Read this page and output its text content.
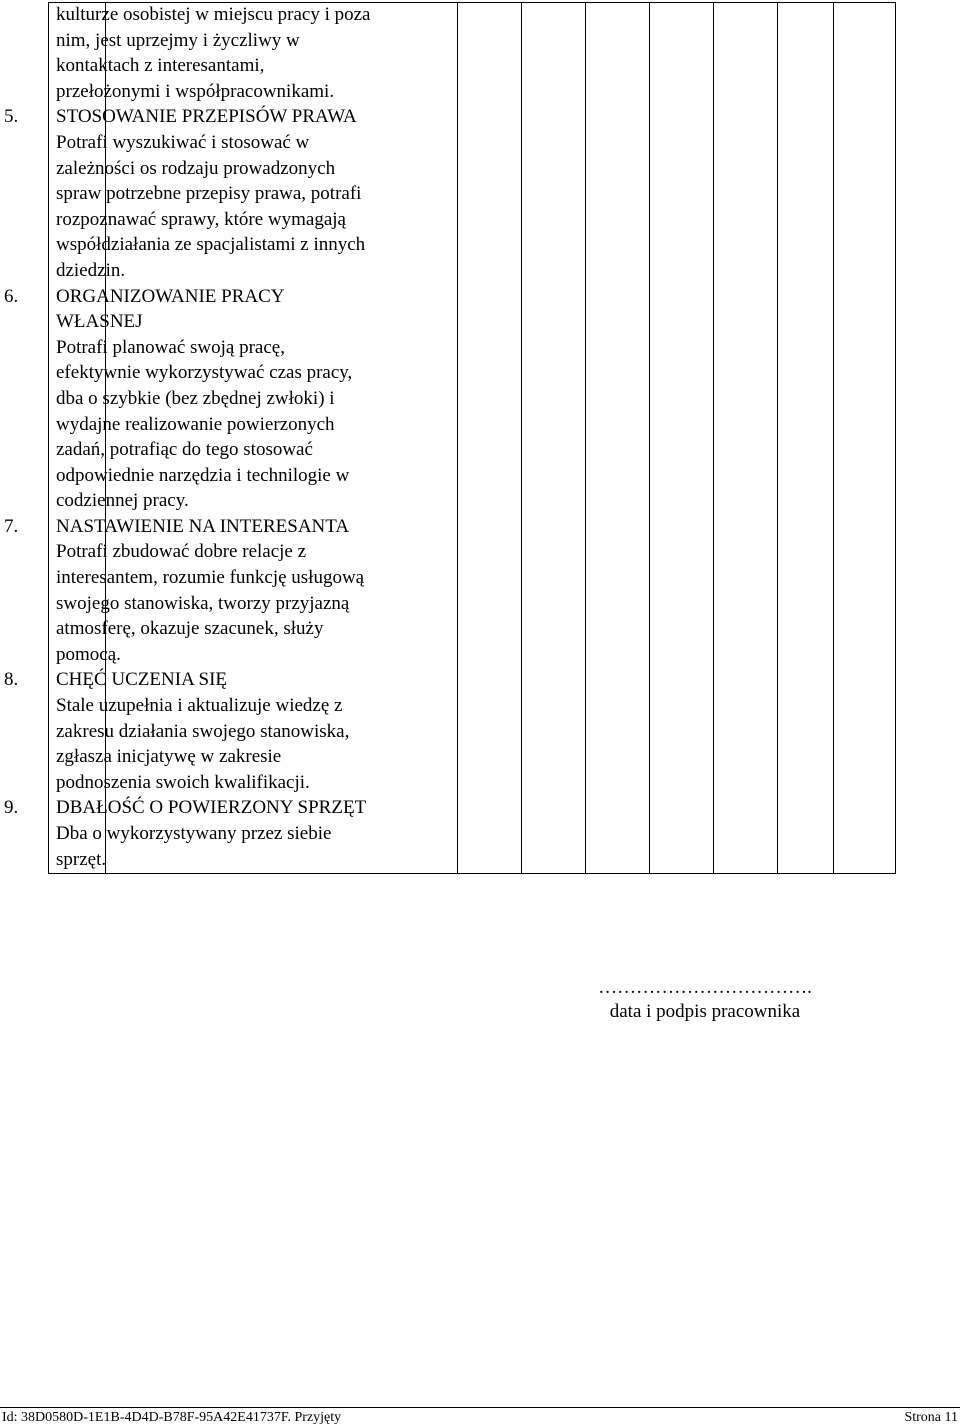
kulturze osobistej w miejscu pracy i poza
nim, jest uprzejmy i życzliwy w
kontaktach z interesantami,
przełożonymi i współpracownikami.
5.	STOSOWANIE PRZEPISÓW PRAWA
Potrafi wyszukiwać i stosować w
zależności os rodzaju prowadzonych
spraw potrzebne przepisy prawa, potrafi
rozpoznawać sprawy, które wymagają
współdziałania ze spacjalistami z innych
dziedzin.
6.	ORGANIZOWANIE PRACY
WŁASNEJ
Potrafi planować swoją pracę,
efektywnie wykorzystywać czas pracy,
dba o szybkie (bez zbędnej zwłoki) i
wydajne realizowanie powierzonych
zadań, potrafiąc do tego stosować
odpowiednie narzędzia i technilogie w
codziennej pracy.
7.	NASTAWIENIE NA INTERESANTA
Potrafi zbudować dobre relacje z
interesantem, rozumie funkcję usługową
swojego stanowiska, tworzy przyjazną
atmosferę, okazuje szacunek, służy
pomocą.
8.	CHĘĆ UCZENIA SIĘ
Stale uzupełnia i aktualizuje wiedzę z
zakresu działania swojego stanowiska,
zgłasza inicjatywę w zakresie
podnoszenia swoich kwalifikacji.
9.	DBAŁOŚĆ O POWIERZONY SPRZĘT
Dba o wykorzystywany przez siebie
sprzęt.
…………………………….
data i podpis pracownika
Id: 38D0580D-1E1B-4D4D-B78F-95A42E41737F. Przyjęty	Strona 11
